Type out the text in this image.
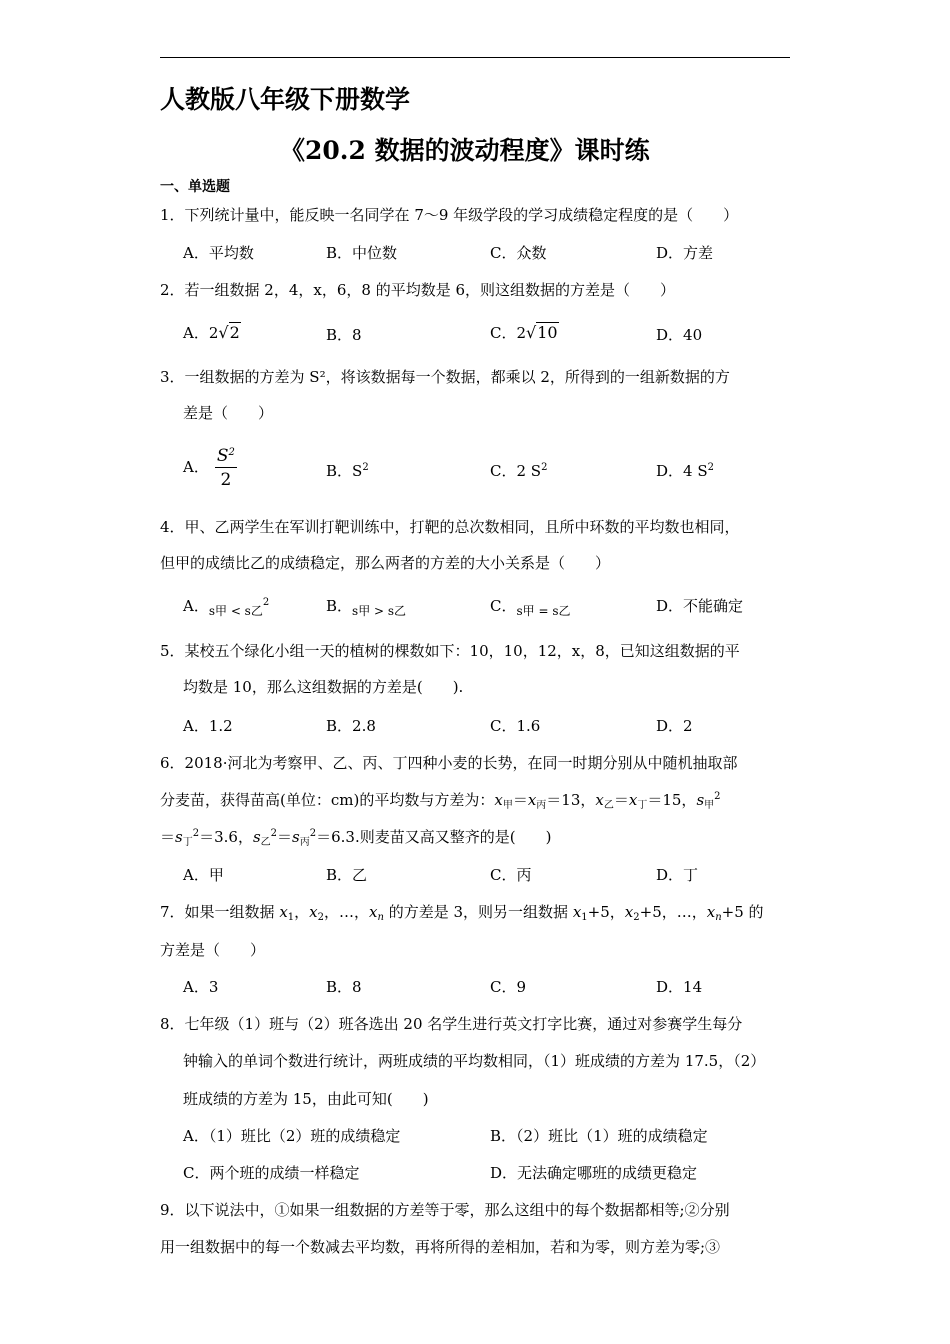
人教版八年级下册数学
《20.2 数据的波动程度》课时练
一、单选题
1．下列统计量中，能反映一名同学在 7～9 年级学段的学习成绩稳定程度的是（　　）
A．平均数	B．中位数	C．众数	D．方差
2．若一组数据 2，4，x，6，8 的平均数是 6，则这组数据的方差是（　　）
A．2√2	B．8	C．2√10	D．40
3．一组数据的方差为 S²，将该数据每一个数据，都乘以 2，所得到的一组新数据的方
差是（　　）
A． $\frac{S^2}{2}$	B．$S^2$	C．2 $S^2$	D．4 $S^2$
4．甲、乙两学生在军训打靶训练中，打靶的总次数相同，且所中环数的平均数也相同，
但甲的成绩比乙的成绩稳定，那么两者的方差的大小关系是（　　）
A．s甲 < s乙$^2$	B．s甲 > s乙	C．s甲 = s乙	D．不能确定
5．某校五个绿化小组一天的植树的棵数如下：10，10，12，x，8，已知这组数据的平
均数是 10，那么这组数据的方差是(　　).
A．1.2	B．2.8	C．1.6	D．2
6．2018·河北为考察甲、乙、丙、丁四种小麦的长势，在同一时期分别从中随机抽取部
分麦苗，获得苗高(单位：cm)的平均数与方差为：$x_甲=x_丙=13$，$x_乙=x_丁=15$，$s_甲^2$
$=s_丁^2=3.6$，$s_乙^2=s_丙^2=6.3$.则麦苗又高又整齐的是(　　)
A．甲	B．乙	C．丙	D．丁
7．如果一组数据 $x_1$，$x_2$，…，$x_n$ 的方差是 3，则另一组数据 $x_1+5$，$x_2+5$，…，$x_n+5$ 的
方差是（　　）
A．3	B．8	C．9	D．14
8．七年级（1）班与（2）班各选出 20 名学生进行英文打字比赛，通过对参赛学生每分
钟输入的单词个数进行统计，两班成绩的平均数相同，（1）班成绩的方差为 17.5，（2）
班成绩的方差为 15，由此可知(　　)
A．（1）班比（2）班的成绩稳定	B．（2）班比（1）班的成绩稳定
C．两个班的成绩一样稳定	D．无法确定哪班的成绩更稳定
9．以下说法中，①如果一组数据的方差等于零，那么这组中的每个数据都相等;②分别
用一组数据中的每一个数减去平均数，再将所得的差相加，若和为零，则方差为零;③
